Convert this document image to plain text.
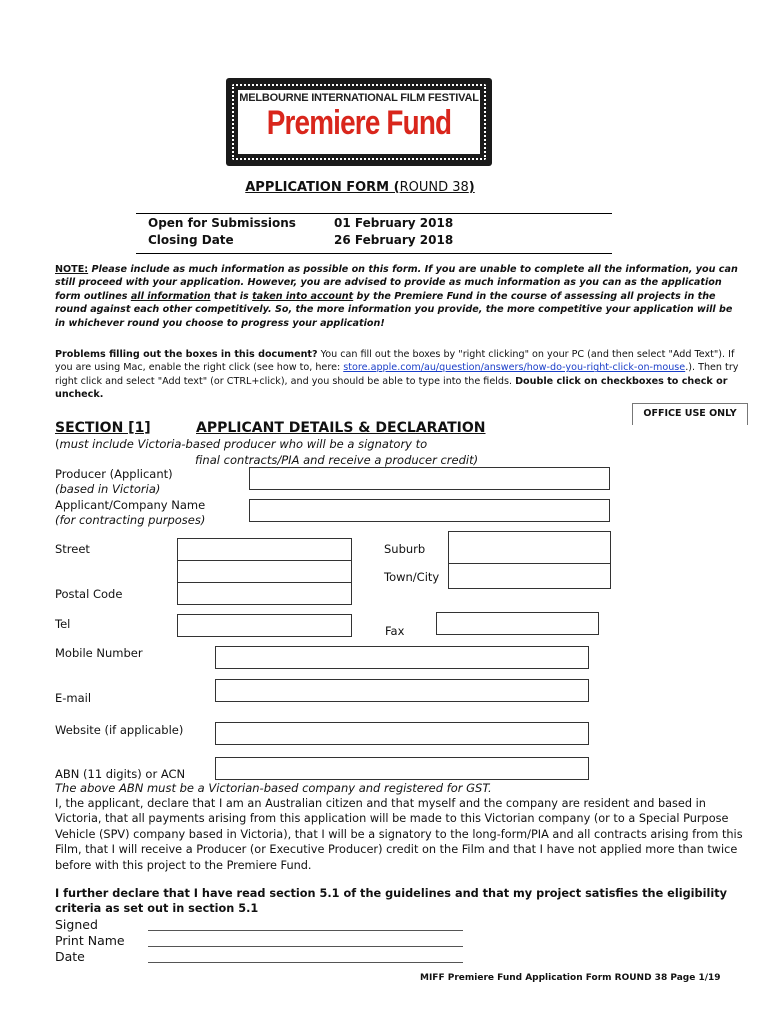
MELBOURNE INTERNATIONAL FILM FESTIVAL
Premiere Fund
APPLICATION FORM (ROUND 38)
Open for Submissions	01 February 2018
Closing Date	26 February 2018
NOTE: Please include as much information as possible on this form. If you are unable to complete all the information, you can still proceed with your application. However, you are advised to provide as much information as you can as the application form outlines all information that is taken into account by the Premiere Fund in the course of assessing all projects in the round against each other competitively. So, the more information you provide, the more competitive your application will be in whichever round you choose to progress your application!
Problems filling out the boxes in this document? You can fill out the boxes by "right clicking" on your PC (and then select "Add Text"). If you are using Mac, enable the right click (see how to, here: store.apple.com/au/question/answers/how-do-you-right-click-on-mouse.). Then try right click and select "Add text" (or CTRL+click), and you should be able to type into the fields. Double click on checkboxes to check or uncheck.
OFFICE USE ONLY
SECTION [1]	APPLICANT DETAILS & DECLARATION
(must include Victoria-based producer who will be a signatory to
final contracts/PIA and receive a producer credit)
Producer (Applicant)
(based in Victoria)
Applicant/Company Name
(for contracting purposes)
Street
Postal Code
Suburb
Town/City
Tel	Fax
Mobile Number
E-mail
Website (if applicable)
ABN (11 digits) or ACN
The above ABN must be a Victorian-based company and registered for GST.
I, the applicant, declare that I am an Australian citizen and that myself and the company are resident and based in Victoria, that all payments arising from this application will be made to this Victorian company (or to a Special Purpose Vehicle (SPV) company based in Victoria), that I will be a signatory to the long-form/PIA and all contracts arising from this Film, that I will receive a Producer (or Executive Producer) credit on the Film and that I have not applied more than twice before with this project to the Premiere Fund.
I further declare that I have read section 5.1 of the guidelines and that my project satisfies the eligibility criteria as set out in section 5.1
Signed
Print Name
Date
MIFF Premiere Fund Application Form ROUND 38 Page 1/19
